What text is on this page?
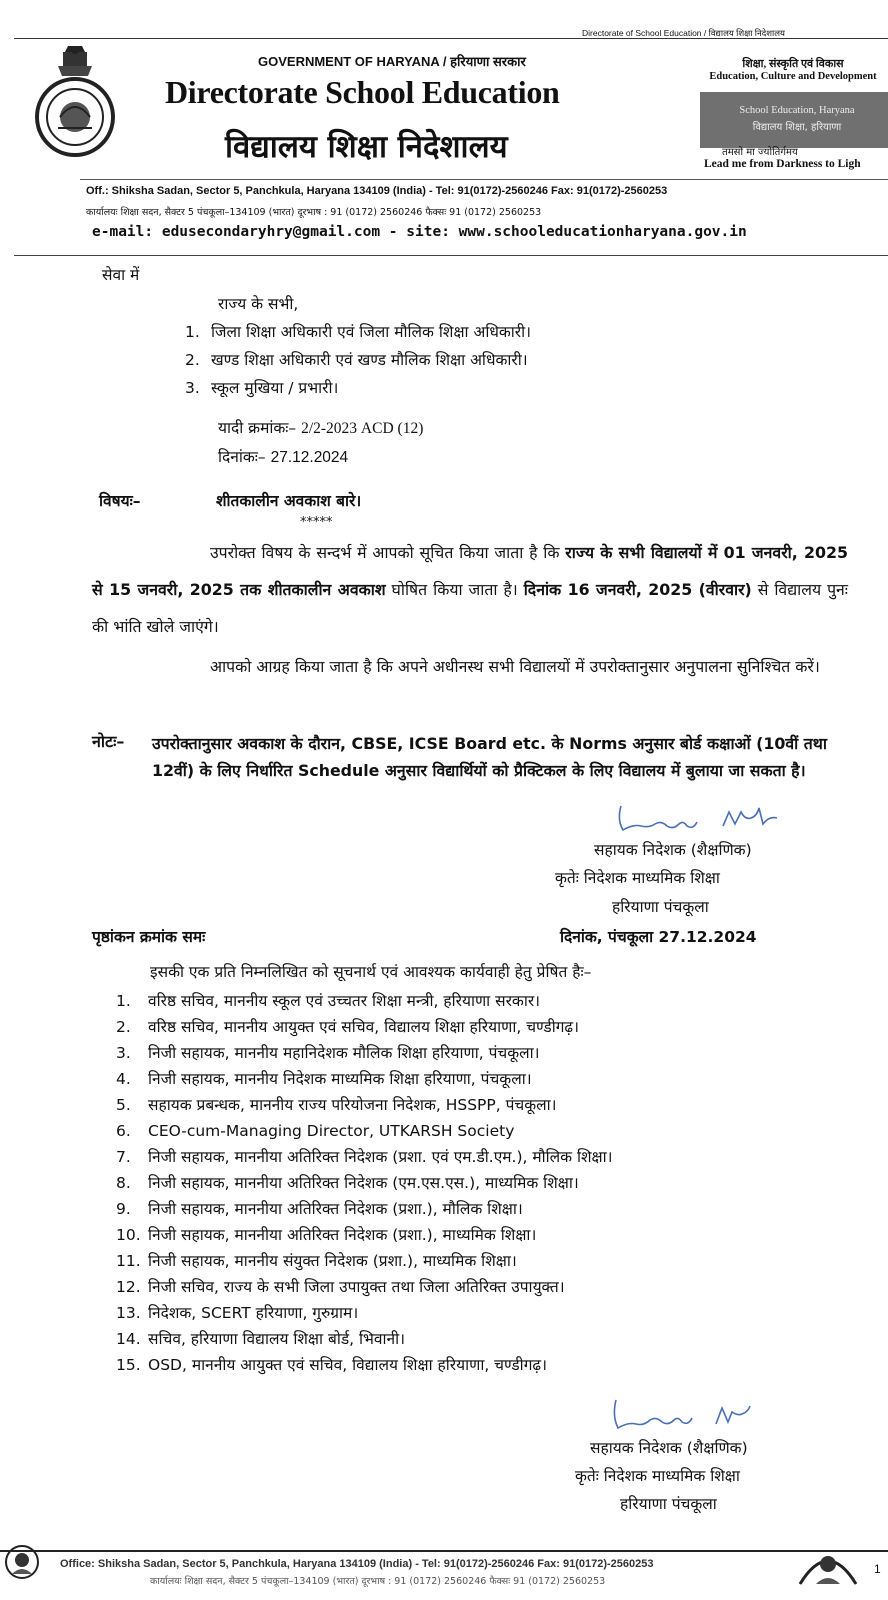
Directorate of School Education / विद्यालय शिक्षा निदेशालय
GOVERNMENT OF HARYANA / हरियाणा सरकार
Directorate School Education
विद्यालय शिक्षा निदेशालय
शिक्षा, संस्कृति एवं विकास
Education, Culture and Development
School Education, Haryana
विद्यालय शिक्षा, हरियाणा
तमसो मा ज्योतिर्गमय
Lead me from Darkness to Ligh
Off.: Shiksha Sadan, Sector 5, Panchkula, Haryana 134109 (India) - Tel: 91(0172)-2560246 Fax: 91(0172)-2560253
कार्यालयः शिक्षा सदन, सैक्टर 5 पंचकूला–134109 (भारत) दूरभाष : 91 (0172) 2560246 फैक्सः 91 (0172) 2560253
e-mail: edusecondaryhry@gmail.com - site: www.schooleducationharyana.gov.in
सेवा में
राज्य के सभी,
1. जिला शिक्षा अधिकारी एवं जिला मौलिक शिक्षा अधिकारी।
2. खण्ड शिक्षा अधिकारी एवं खण्ड मौलिक शिक्षा अधिकारी।
3. स्कूल मुखिया / प्रभारी।
यादी क्रमांकः– 2/2-2023 ACD (12)
दिनांकः– 27.12.2024
विषयः–	शीतकालीन अवकाश बारे।
*****
उपरोक्त विषय के सन्दर्भ में आपको सूचित किया जाता है कि राज्य के सभी विद्यालयों में 01 जनवरी, 2025 से 15 जनवरी, 2025 तक शीतकालीन अवकाश घोषित किया जाता है। दिनांक 16 जनवरी, 2025 (वीरवार) से विद्यालय पुनः की भांति खोले जाएंगे।
आपको आग्रह किया जाता है कि अपने अधीनस्थ सभी विद्यालयों में उपरोक्तानुसार अनुपालना सुनिश्चित करें।
नोटः– उपरोक्तानुसार अवकाश के दौरान, CBSE, ICSE Board etc. के Norms अनुसार बोर्ड कक्षाओं (10वीं तथा 12वीं) के लिए निर्धारित Schedule अनुसार विद्यार्थियों को प्रैक्टिकल के लिए विद्यालय में बुलाया जा सकता है।
सहायक निदेशक (शैक्षणिक)
कृतेः निदेशक माध्यमिक शिक्षा
हरियाणा पंचकूला
पृष्ठांकन क्रमांक समः	दिनांक, पंचकूला 27.12.2024
इसकी एक प्रति निम्नलिखित को सूचनार्थ एवं आवश्यक कार्यवाही हेतु प्रेषित हैः–
1. वरिष्ठ सचिव, माननीय स्कूल एवं उच्चतर शिक्षा मन्त्री, हरियाणा सरकार।
2. वरिष्ठ सचिव, माननीय आयुक्त एवं सचिव, विद्यालय शिक्षा हरियाणा, चण्डीगढ़।
3. निजी सहायक, माननीय महानिदेशक मौलिक शिक्षा हरियाणा, पंचकूला।
4. निजी सहायक, माननीय निदेशक माध्यमिक शिक्षा हरियाणा, पंचकूला।
5. सहायक प्रबन्धक, माननीय राज्य परियोजना निदेशक, HSSPP, पंचकूला।
6. CEO-cum-Managing Director, UTKARSH Society
7. निजी सहायक, माननीया अतिरिक्त निदेशक (प्रशा. एवं एम.डी.एम.), मौलिक शिक्षा।
8. निजी सहायक, माननीया अतिरिक्त निदेशक (एम.एस.एस.), माध्यमिक शिक्षा।
9. निजी सहायक, माननीया अतिरिक्त निदेशक (प्रशा.), मौलिक शिक्षा।
10. निजी सहायक, माननीया अतिरिक्त निदेशक (प्रशा.), माध्यमिक शिक्षा।
11. निजी सहायक, माननीय संयुक्त निदेशक (प्रशा.), माध्यमिक शिक्षा।
12. निजी सचिव, राज्य के सभी जिला उपायुक्त तथा जिला अतिरिक्त उपायुक्त।
13. निदेशक, SCERT हरियाणा, गुरुग्राम।
14. सचिव, हरियाणा विद्यालय शिक्षा बोर्ड, भिवानी।
15. OSD, माननीय आयुक्त एवं सचिव, विद्यालय शिक्षा हरियाणा, चण्डीगढ़।
सहायक निदेशक (शैक्षणिक)
कृतेः निदेशक माध्यमिक शिक्षा
हरियाणा पंचकूला
Office: Shiksha Sadan, Sector 5, Panchkula, Haryana 134109 (India) - Tel: 91(0172)-2560246 Fax: 91(0172)-2560253
कार्यालयः शिक्षा सदन, सैक्टर 5 पंचकूला–134109 (भारत) दूरभाष : 91 (0172) 2560246 फैक्सः 91 (0172) 2560253
1
